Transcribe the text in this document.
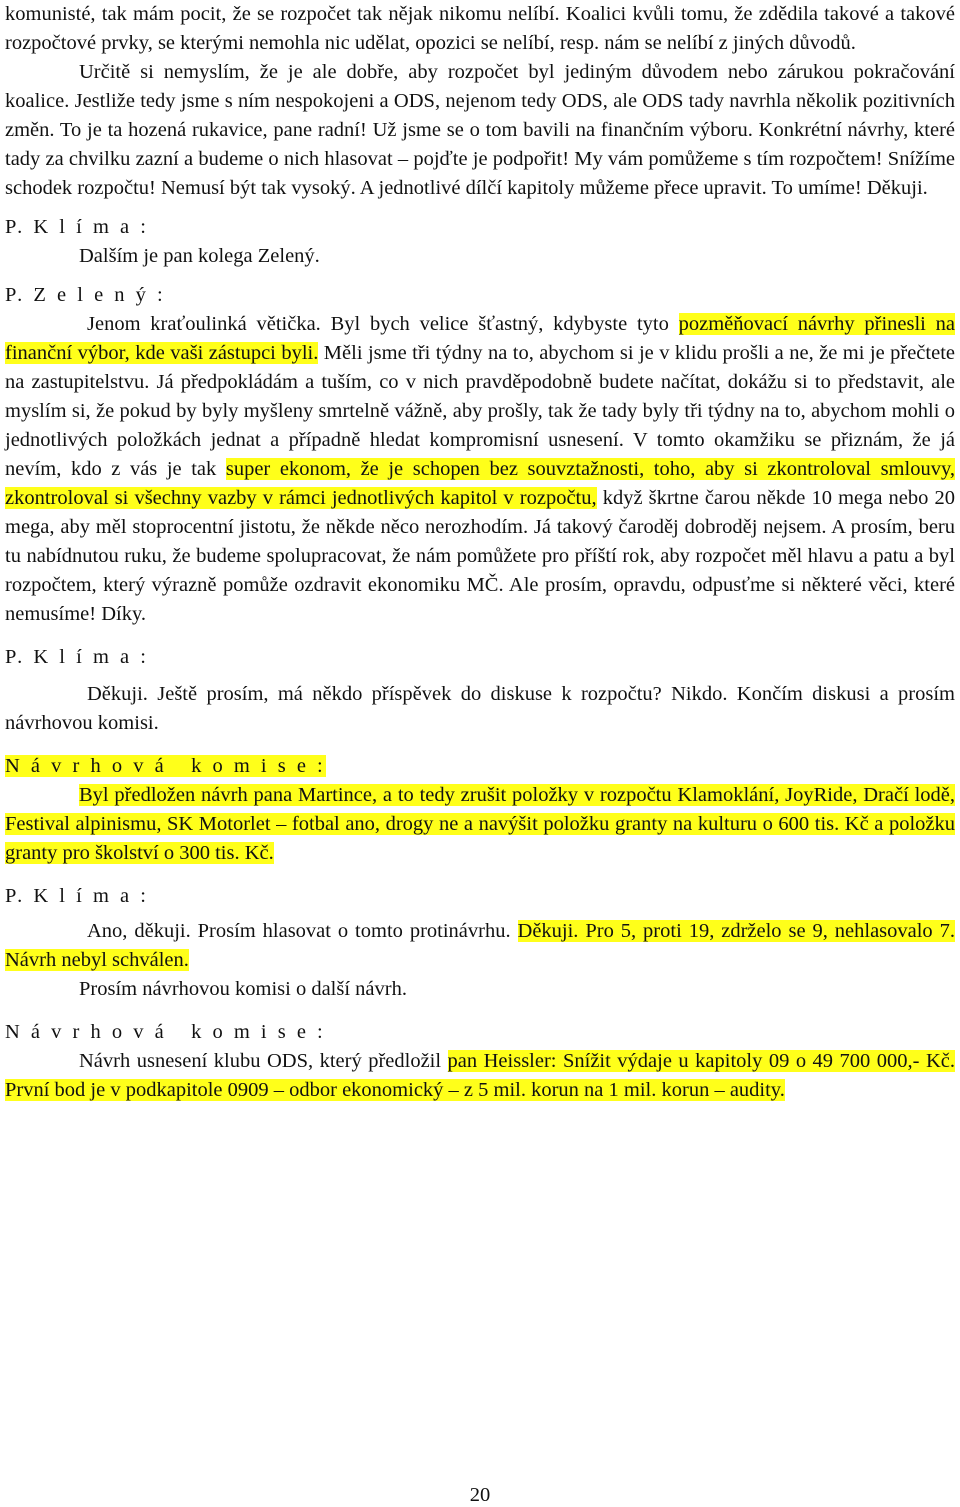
komunisté, tak mám pocit, že se rozpočet tak nějak nikomu nelíbí. Koalici kvůli tomu, že zdědila takové a takové rozpočtové prvky, se kterými nemohla nic udělat, opozici se nelíbí, resp. nám se nelíbí z jiných důvodů.

Určitě si nemyslím, že je ale dobře, aby rozpočet byl jediným důvodem nebo zárukou pokračování koalice. Jestliže tedy jsme s ním nespokojeni a ODS, nejenom tedy ODS, ale ODS tady navrhla několik pozitivních změn. To je ta hozená rukavice, pane radní! Už jsme se o tom bavili na finančním výboru. Konkrétní návrhy, které tady za chvilku zazní a budeme o nich hlasovat – pojďte je podpořit! My vám pomůžeme s tím rozpočtem! Snížíme schodek rozpočtu! Nemusí být tak vysoký. A jednotlivé dílčí kapitoly můžeme přece upravit. To umíme! Děkuji.

P. K l í m a :

Dalším je pan kolega Zelený.

P. Z e l e n ý :

Jenom kraťoulinká větička. Byl bych velice šťastný, kdybyste tyto pozměňovací návrhy přinesli na finanční výbor, kde vaši zástupci byli. Měli jsme tři týdny na to, abychom si je v klidu prošli a ne, že mi je přečtete na zastupitelstvu. Já předpokládám a tuším, co v nich pravděpodobně budete načítat, dokážu si to představit, ale myslím si, že pokud by byly myšleny smrtelně vážně, aby prošly, tak že tady byly tři týdny na to, abychom mohli o jednotlivých položkách jednat a případně hledat kompromisní usnesení. V tomto okamžiku se přiznám, že já nevím, kdo z vás je tak super ekonom, že je schopen bez souvztažnosti, toho, aby si zkontroloval smlouvy, zkontroloval si všechny vazby v rámci jednotlivých kapitol v rozpočtu, když škrtne čarou někde 10 mega nebo 20 mega, aby měl stoprocentní jistotu, že někde něco nerozhodím. Já takový čaroděj dobroděj nejsem. A prosím, beru tu nabídnutou ruku, že budeme spolupracovat, že nám pomůžete pro příští rok, aby rozpočet měl hlavu a patu a byl rozpočtem, který výrazně pomůže ozdravit ekonomiku MČ. Ale prosím, opravdu, odpusťme si některé věci, které nemusíme! Díky.

P. K l í m a :

Děkuji. Ještě prosím, má někdo příspěvek do diskuse k rozpočtu? Nikdo. Končím diskusi a prosím návrhovou komisi.

N á v r h o v á   k o m i s e :

Byl předložen návrh pana Martince, a to tedy zrušit položky v rozpočtu Klamoklání, JoyRide, Dračí lodě, Festival alpinismu, SK Motorlet – fotbal ano, drogy ne a navýšit položku granty na kulturu o 600 tis. Kč a položku granty pro školství o 300 tis. Kč.

P. K l í m a :

Ano, děkuji. Prosím hlasovat o tomto protinávrhu. Děkuji. Pro 5, proti 19, zdrželo se 9, nehlasovalo 7. Návrh nebyl schválen.

Prosím návrhovou komisi o další návrh.

N á v r h o v á   k o m i s e :

Návrh usnesení klubu ODS, který předložil pan Heissler: Snížit výdaje u kapitoly 09 o 49 700 000,- Kč. První bod je v podkapitole 0909 – odbor ekonomický – z 5 mil. korun na 1 mil. korun – audity.

20
